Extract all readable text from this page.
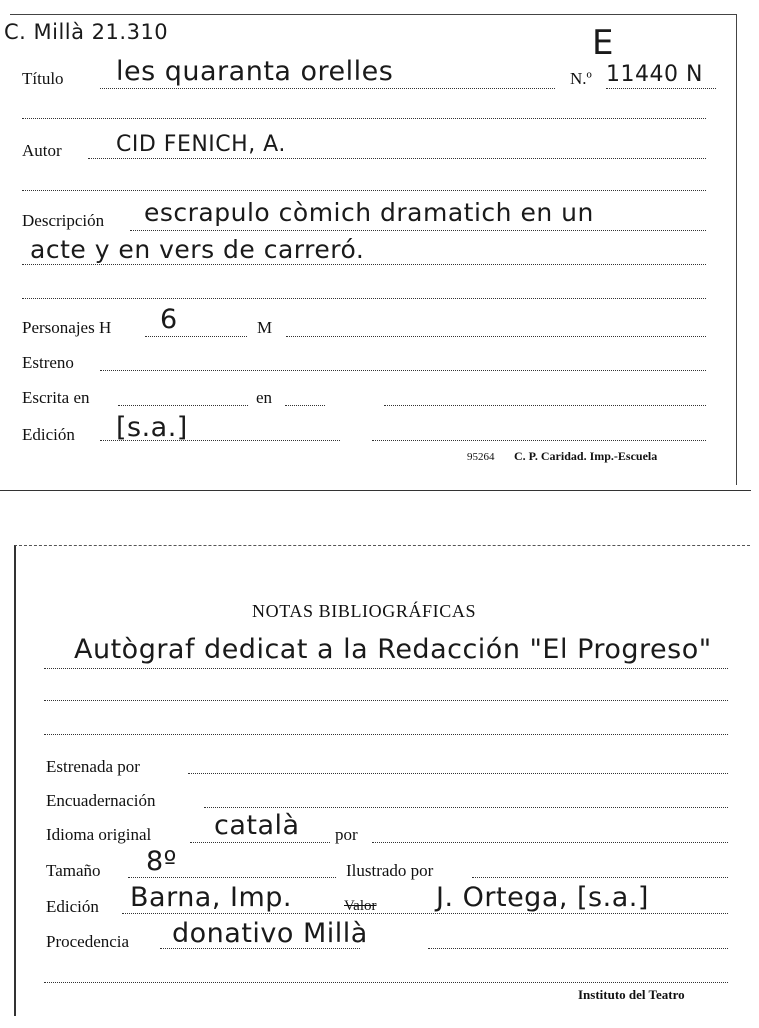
C. Millà 21.310	E
Título les quaranta orelles	N.º 11440 N
Autor CID FENICH, A.
Descripción escrapulo còmich dramatich en un
acte y en vers de carreró.
Personajes H 6	M
Estreno
Escrita en	en
Edición [s.a.]
95264 C. P. Caridad. Imp.-Escuela
NOTAS BIBLIOGRÁFICAS
Autògraf dedicat a la Redacción "El Progreso"
Estrenada por
Encuadernación
Idioma original català por
Tamaño 8º	Ilustrado por
Edición Barna, Imp.	Valor J. Ortega, [s.a.]
Procedencia donativo Millà
Instituto del Teatro
